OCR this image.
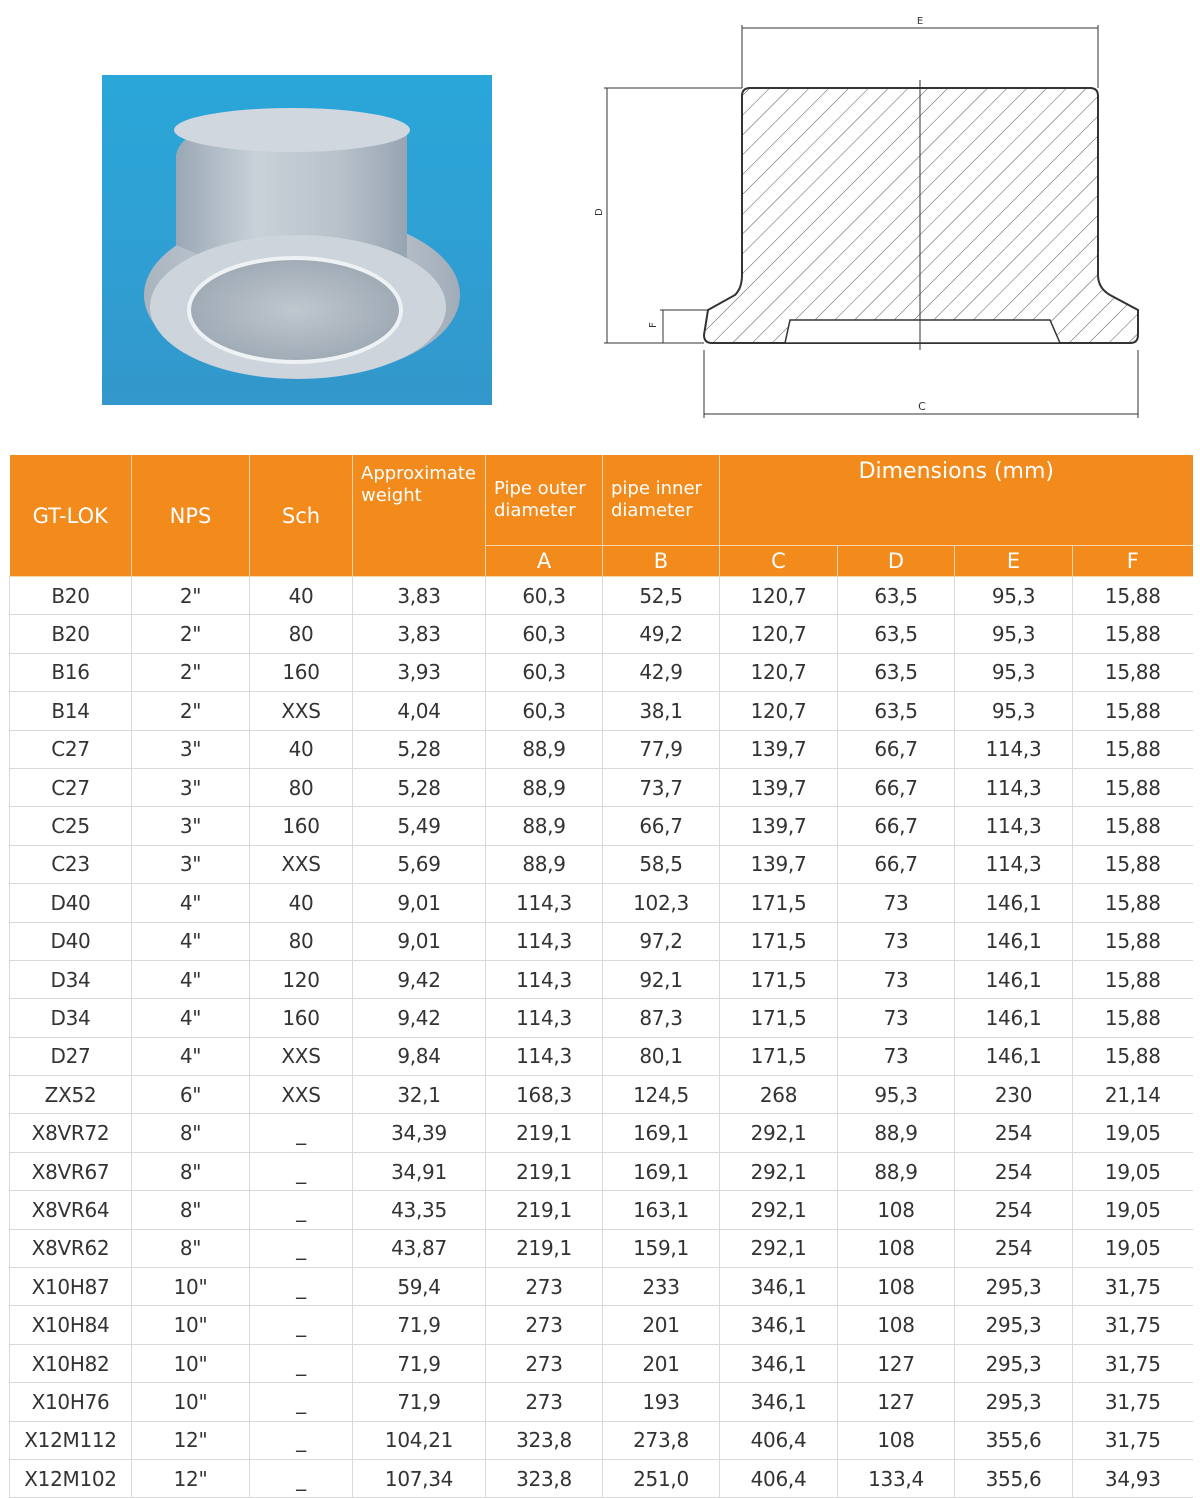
E
D
F
C
GT-LOK	NPS	Sch	Approximate weight	Pipe outer diameter	pipe inner diameter	Dimensions (mm)			
				A	B	C	D	E	F
B20	2"	40	3,83	60,3	52,5	120,7	63,5	95,3	15,88
B20	2"	80	3,83	60,3	49,2	120,7	63,5	95,3	15,88
B16	2"	160	3,93	60,3	42,9	120,7	63,5	95,3	15,88
B14	2"	XXS	4,04	60,3	38,1	120,7	63,5	95,3	15,88
C27	3"	40	5,28	88,9	77,9	139,7	66,7	114,3	15,88
C27	3"	80	5,28	88,9	73,7	139,7	66,7	114,3	15,88
C25	3"	160	5,49	88,9	66,7	139,7	66,7	114,3	15,88
C23	3"	XXS	5,69	88,9	58,5	139,7	66,7	114,3	15,88
D40	4"	40	9,01	114,3	102,3	171,5	73	146,1	15,88
D40	4"	80	9,01	114,3	97,2	171,5	73	146,1	15,88
D34	4"	120	9,42	114,3	92,1	171,5	73	146,1	15,88
D34	4"	160	9,42	114,3	87,3	171,5	73	146,1	15,88
D27	4"	XXS	9,84	114,3	80,1	171,5	73	146,1	15,88
ZX52	6"	XXS	32,1	168,3	124,5	268	95,3	230	21,14
X8VR72	8"	_	34,39	219,1	169,1	292,1	88,9	254	19,05
X8VR67	8"	_	34,91	219,1	169,1	292,1	88,9	254	19,05
X8VR64	8"	_	43,35	219,1	163,1	292,1	108	254	19,05
X8VR62	8"	_	43,87	219,1	159,1	292,1	108	254	19,05
X10H87	10"	_	59,4	273	233	346,1	108	295,3	31,75
X10H84	10"	_	71,9	273	201	346,1	108	295,3	31,75
X10H82	10"	_	71,9	273	201	346,1	127	295,3	31,75
X10H76	10"	_	71,9	273	193	346,1	127	295,3	31,75
X12M112	12"	_	104,21	323,8	273,8	406,4	108	355,6	31,75
X12M102	12"	_	107,34	323,8	251,0	406,4	133,4	355,6	34,93
